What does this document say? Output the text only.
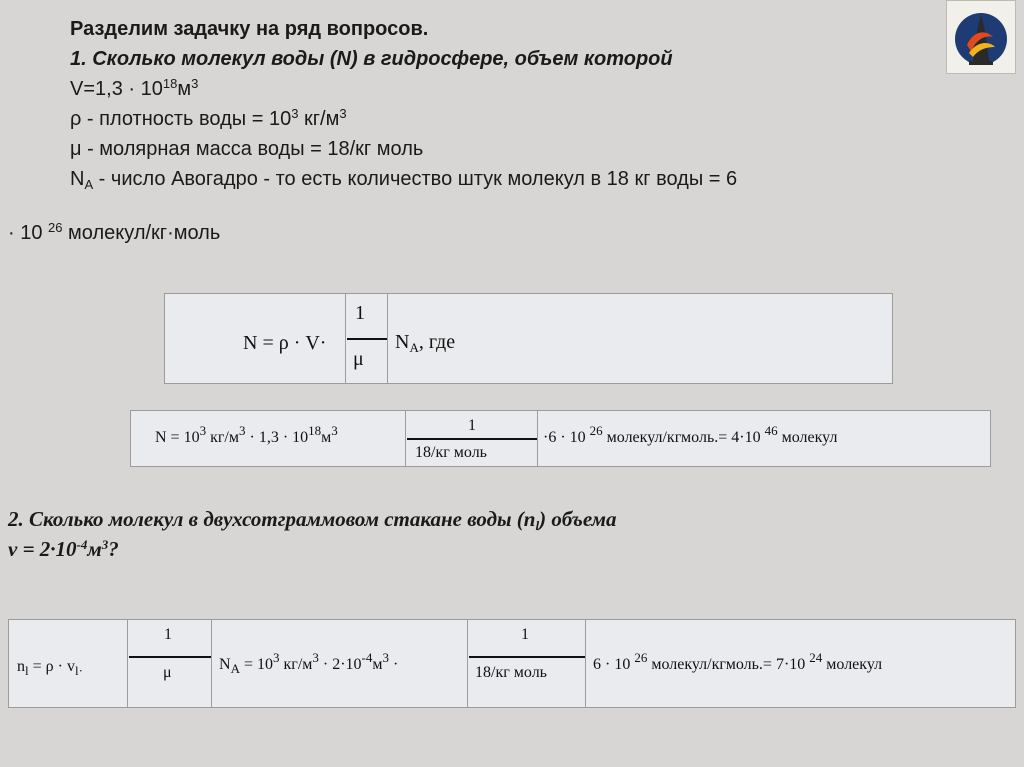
Разделим задачку на ряд вопросов.
1. Сколько молекул воды (N) в гидросфере, объем которой
$V=1,3 \cdot 10^{18}м^3$
ρ - плотность воды = $10^3$ $кг/м^3$
μ - молярная масса воды = 18/кг моль
$N_A$ - число Авогадро - то есть количество штук молекул в 18 кг воды = 6
· 10 $^{26}$ молекул/кг·моль
N = ρ · V·
1
μ
$N_A$, где
$N = 10^3$ $кг/м^3 \cdot 1,3 \cdot 10^{18}м^3$	1
18/кг моль
·6 · 10 $^{26}$ молекул/кгмоль.= 4·10 $^{46}$ молекул
2. Сколько молекул в двухсотграммовом стакане воды $(n_l)$ объема
$v = 2\cdot 10^{-4}м^3$?
$n_l = \rho \cdot v_{l\cdot}$
1
μ	$N_A = 10^3$ $кг/м^3 \cdot 2\cdot 10^{-4}м^3$ ·
1
18/кг моль	6 · 10 $^{26}$ молекул/кгмоль.= 7·10 $^{24}$ молекул
